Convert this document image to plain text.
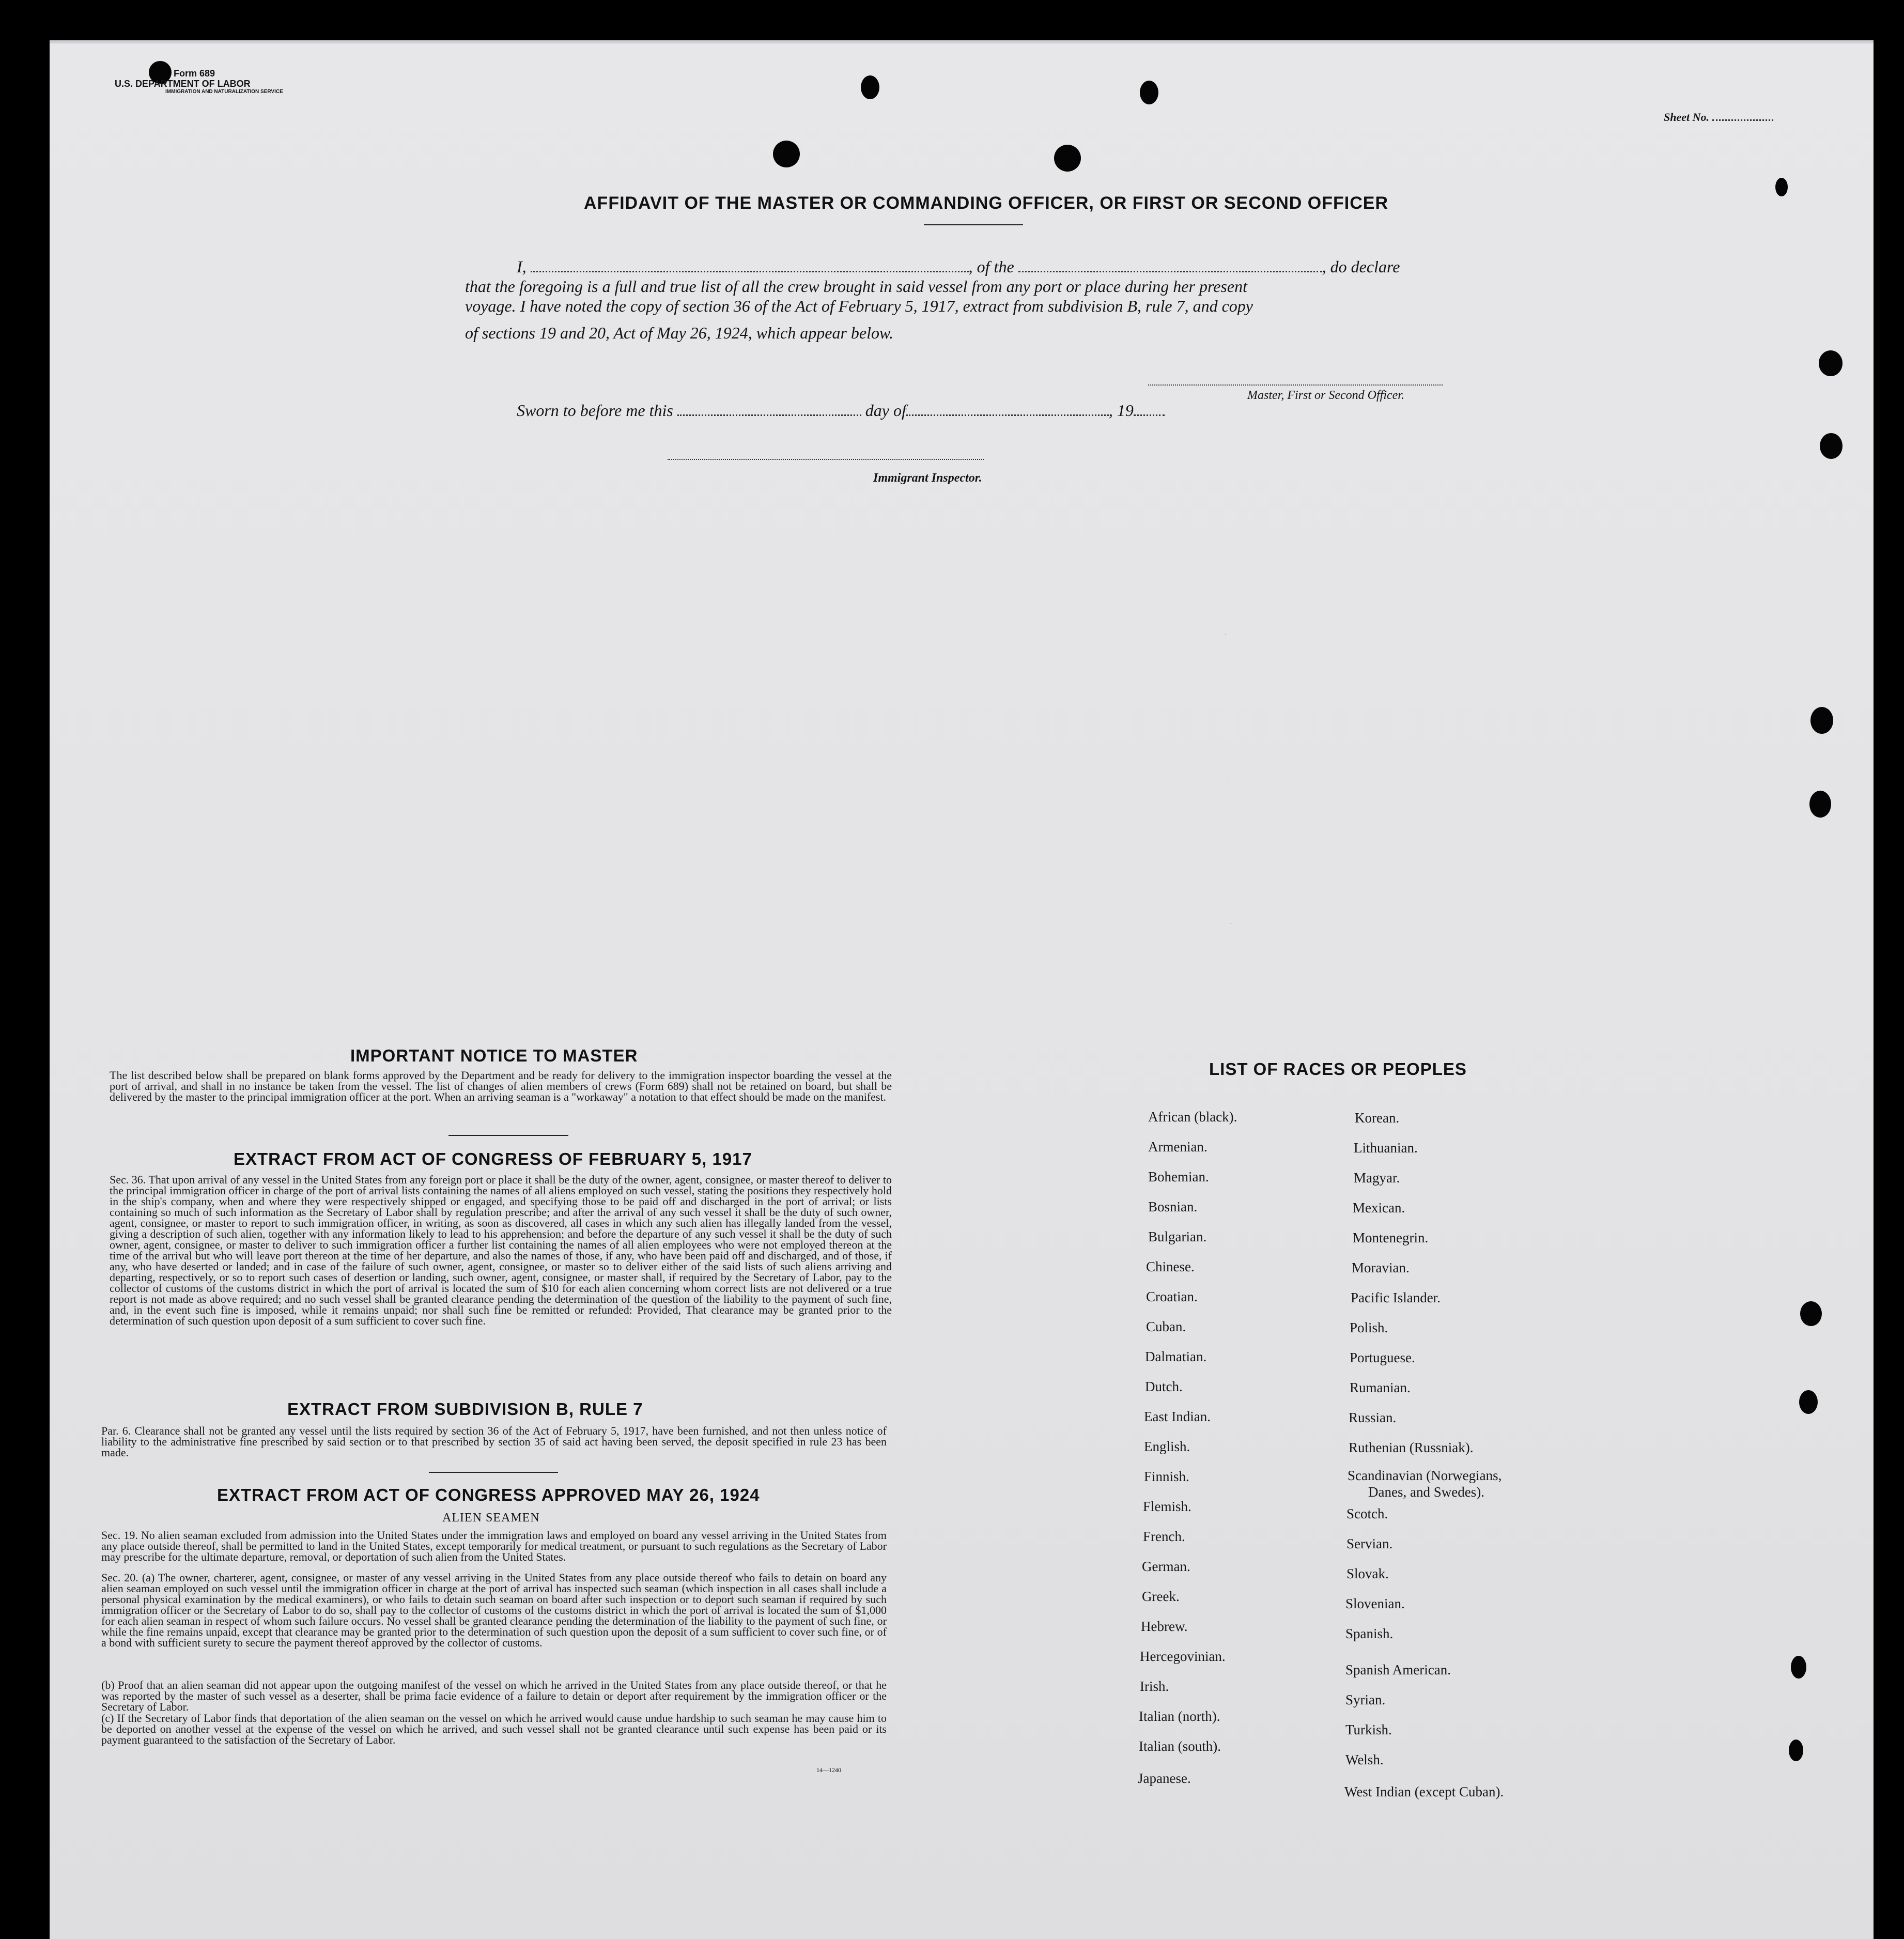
Form 689
U.S. DEPARTMENT OF LABOR
IMMIGRATION AND NATURALIZATION SERVICE
Sheet No.
AFFIDAVIT OF THE MASTER OR COMMANDING OFFICER, OR FIRST OR SECOND OFFICER
I,	, of the	, do declare
that the foregoing is a full and true list of all the crew brought in said vessel from any port or place during her present
voyage. I have noted the copy of section 36 of the Act of February 5, 1917, extract from subdivision B, rule 7, and copy
of sections 19 and 20, Act of May 26, 1924, which appear below.
Master, First or Second Officer.
Sworn to before me this	day of	, 19
Immigrant Inspector.
·
·
·
IMPORTANT NOTICE TO MASTER
The list described below shall be prepared on blank forms approved by the Department and be ready for delivery to the immigration inspector boarding the vessel at the port of arrival, and shall in no instance be taken from the vessel. The list of changes of alien members of crews (Form 689) shall not be retained on board, but shall be delivered by the master to the principal immigration officer at the port. When an arriving seaman is a "workaway" a notation to that effect should be made on the manifest.
EXTRACT FROM ACT OF CONGRESS OF FEBRUARY 5, 1917
Sec. 36. That upon arrival of any vessel in the United States from any foreign port or place it shall be the duty of the owner, agent, consignee, or master thereof to deliver to the principal immigration officer in charge of the port of arrival lists containing the names of all aliens employed on such vessel, stating the positions they respectively hold in the ship's company, when and where they were respectively shipped or engaged, and specifying those to be paid off and discharged in the port of arrival; or lists containing so much of such information as the Secretary of Labor shall by regulation prescribe; and after the arrival of any such vessel it shall be the duty of such owner, agent, consignee, or master to report to such immigration officer, in writing, as soon as discovered, all cases in which any such alien has illegally landed from the vessel, giving a description of such alien, together with any information likely to lead to his apprehension; and before the departure of any such vessel it shall be the duty of such owner, agent, consignee, or master to deliver to such immigration officer a further list containing the names of all alien employees who were not employed thereon at the time of the arrival but who will leave port thereon at the time of her departure, and also the names of those, if any, who have been paid off and discharged, and of those, if any, who have deserted or landed; and in case of the failure of such owner, agent, consignee, or master so to deliver either of the said lists of such aliens arriving and departing, respectively, or so to report such cases of desertion or landing, such owner, agent, consignee, or master shall, if required by the Secretary of Labor, pay to the collector of customs of the customs district in which the port of arrival is located the sum of $10 for each alien concerning whom correct lists are not delivered or a true report is not made as above required; and no such vessel shall be granted clearance pending the determination of the question of the liability to the payment of such fine, and, in the event such fine is imposed, while it remains unpaid; nor shall such fine be remitted or refunded: Provided, That clearance may be granted prior to the determination of such question upon deposit of a sum sufficient to cover such fine.
EXTRACT FROM SUBDIVISION B, RULE 7
Par. 6. Clearance shall not be granted any vessel until the lists required by section 36 of the Act of February 5, 1917, have been furnished, and not then unless notice of liability to the administrative fine prescribed by said section or to that prescribed by section 35 of said act having been served, the deposit specified in rule 23 has been made.
EXTRACT FROM ACT OF CONGRESS APPROVED MAY 26, 1924
ALIEN SEAMEN
Sec. 19. No alien seaman excluded from admission into the United States under the immigration laws and employed on board any vessel arriving in the United States from any place outside thereof, shall be permitted to land in the United States, except temporarily for medical treatment, or pursuant to such regulations as the Secretary of Labor may prescribe for the ultimate departure, removal, or deportation of such alien from the United States.
Sec. 20. (a) The owner, charterer, agent, consignee, or master of any vessel arriving in the United States from any place outside thereof who fails to detain on board any alien seaman employed on such vessel until the immigration officer in charge at the port of arrival has inspected such seaman (which inspection in all cases shall include a personal physical examination by the medical examiners), or who fails to detain such seaman on board after such inspection or to deport such seaman if required by such immigration officer or the Secretary of Labor to do so, shall pay to the collector of customs of the customs district in which the port of arrival is located the sum of $1,000 for each alien seaman in respect of whom such failure occurs. No vessel shall be granted clearance pending the determination of the liability to the payment of such fine, or while the fine remains unpaid, except that clearance may be granted prior to the determination of such question upon the deposit of a sum sufficient to cover such fine, or of a bond with sufficient surety to secure the payment thereof approved by the collector of customs.
(b) Proof that an alien seaman did not appear upon the outgoing manifest of the vessel on which he arrived in the United States from any place outside thereof, or that he was reported by the master of such vessel as a deserter, shall be prima facie evidence of a failure to detain or deport after requirement by the immigration officer or the Secretary of Labor.
(c) If the Secretary of Labor finds that deportation of the alien seaman on the vessel on which he arrived would cause undue hardship to such seaman he may cause him to be deported on another vessel at the expense of the vessel on which he arrived, and such vessel shall not be granted clearance until such expense has been paid or its payment guaranteed to the satisfaction of the Secretary of Labor.
14—1240
LIST OF RACES OR PEOPLES
African (black).
Armenian.
Bohemian.
Bosnian.
Bulgarian.
Chinese.
Croatian.
Cuban.
Dalmatian.
Dutch.
East Indian.
English.
Finnish.
Flemish.
French.
German.
Greek.
Hebrew.
Hercegovinian.
Irish.
Italian (north).
Italian (south).
Japanese.
Korean.
Lithuanian.
Magyar.
Mexican.
Montenegrin.
Moravian.
Pacific Islander.
Polish.
Portuguese.
Rumanian.
Russian.
Ruthenian (Russniak).
Scandinavian (Norwegians,
Danes, and Swedes).
Scotch.
Servian.
Slovak.
Slovenian.
Spanish.
Spanish American.
Syrian.
Turkish.
Welsh.
West Indian (except Cuban).
